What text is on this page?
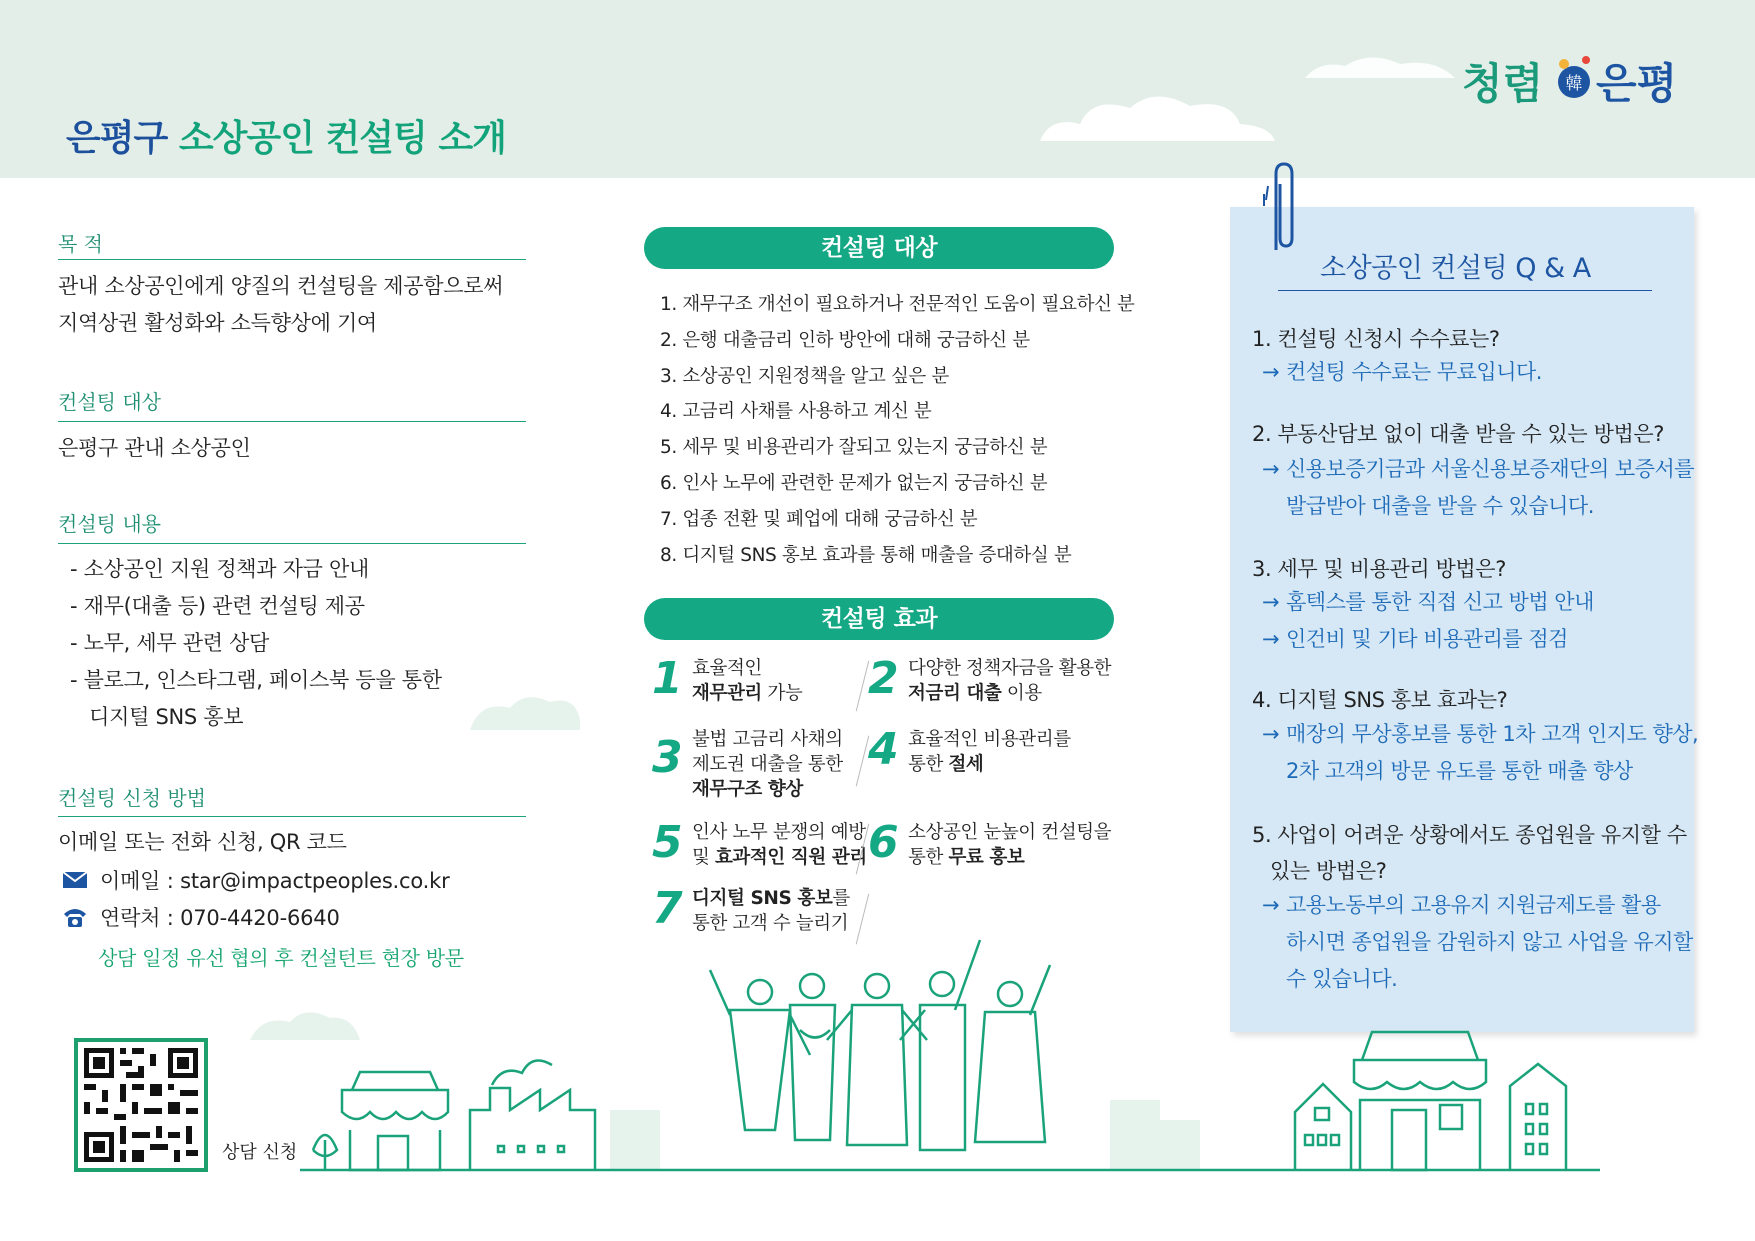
은평구 소상공인 컨설팅 소개
청렴 韓 은평

목 적

관내 소상공인에게 양질의 컨설팅을 제공함으로써

지역상권 활성화와 소득향상에 기여

컨설팅 대상

은평구 관내 소상공인

컨설팅 내용

- 소상공인 지원 정책과 자금 안내
- 재무(대출 등) 관련 컨설팅 제공
- 노무, 세무 관련 상담
- 블로그, 인스타그램, 페이스북 등을 통한
디지털 SNS 홍보

컨설팅 신청 방법

이메일 또는 전화 신청, QR 코드

이메일 : star@impactpeoples.co.kr
연락처 : 070-4420-6640

상담 일정 유선 협의 후 컨설턴트 현장 방문

상담 신청

컨설팅 대상
1. 재무구조 개선이 필요하거나 전문적인 도움이 필요하신 분
2. 은행 대출금리 인하 방안에 대해 궁금하신 분
3. 소상공인 지원정책을 알고 싶은 분
4. 고금리 사채를 사용하고 계신 분
5. 세무 및 비용관리가 잘되고 있는지 궁금하신 분
6. 인사 노무에 관련한 문제가 없는지 궁금하신 분
7. 업종 전환 및 폐업에 대해 궁금하신 분
8. 디지털 SNS 홍보 효과를 통해 매출을 증대하실 분
컨설팅 효과
1 효율적인
재무관리 가능 2 다양한 정책자금을 활용한
저금리 대출 이용
3 불법 고금리 사채의
제도권 대출을 통한
재무구조 향상
4 효율적인 비용관리를
통한 절세
5 인사 노무 분쟁의 예방
및 효과적인 직원 관리 6 소상공인 눈높이 컨설팅을
통한 무료 홍보
7 디지털 SNS 홍보를
통한 고객 수 늘리기

소상공인 컨설팅 Q & A

1. 컨설팅 신청시 수수료는?

→ 컨설팅 수수료는 무료입니다.

2. 부동산담보 없이 대출 받을 수 있는 방법은?

→ 신용보증기금과 서울신용보증재단의 보증서를
발급받아 대출을 받을 수 있습니다.

3. 세무 및 비용관리 방법은?

→ 홈텍스를 통한 직접 신고 방법 안내
→ 인건비 및 기타 비용관리를 점검

4. 디지털 SNS 홍보 효과는?

→ 매장의 무상홍보를 통한 1차 고객 인지도 향상,
2차 고객의 방문 유도를 통한 매출 향상

5. 사업이 어려운 상황에서도 종업원을 유지할 수

있는 방법은?

→ 고용노동부의 고용유지 지원금제도를 활용
하시면 종업원을 감원하지 않고 사업을 유지할
수 있습니다.
